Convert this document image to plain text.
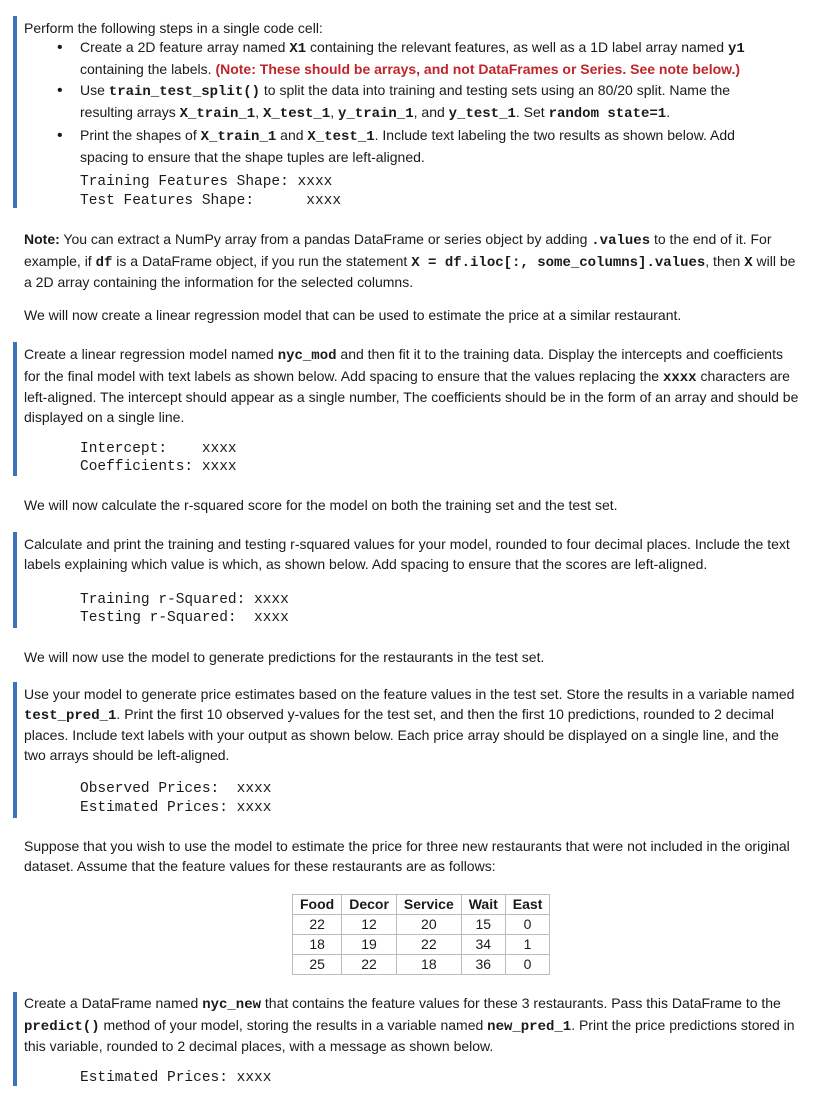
Perform the following steps in a single code cell:

• Create a 2D feature array named X1 containing the relevant features, as well as a 1D label array named y1 containing the labels. (Note: These should be arrays, and not DataFrames or Series. See note below.)
• Use train_test_split() to split the data into training and testing sets using an 80/20 split. Name the resulting arrays X_train_1, X_test_1, y_train_1, and y_test_1. Set random state=1.
• Print the shapes of X_train_1 and X_test_1. Include text labeling the two results as shown below. Add spacing to ensure that the shape tuples are left-aligned.
Training Features Shape: xxxx
Test Features Shape:      xxxx

Note: You can extract a NumPy array from a pandas DataFrame or series object by adding .values to the end of it. For example, if df is a DataFrame object, if you run the statement X = df.iloc[:, some_columns].values, then X will be a 2D array containing the information for the selected columns.

We will now create a linear regression model that can be used to estimate the price at a similar restaurant.

Create a linear regression model named nyc_mod and then fit it to the training data. Display the intercepts and coefficients for the final model with text labels as shown below. Add spacing to ensure that the values replacing the xxxx characters are left-aligned. The intercept should appear as a single number, The coefficients should be in the form of an array and should be displayed on a single line.

Intercept:    xxxx
Coefficients: xxxx

We will now calculate the r-squared score for the model on both the training set and the test set.

Calculate and print the training and testing r-squared values for your model, rounded to four decimal places. Include the text labels explaining which value is which, as shown below. Add spacing to ensure that the scores are left-aligned.

Training r-Squared: xxxx
Testing r-Squared:  xxxx

We will now use the model to generate predictions for the restaurants in the test set.

Use your model to generate price estimates based on the feature values in the test set. Store the results in a variable named test_pred_1. Print the first 10 observed y-values for the test set, and then the first 10 predictions, rounded to 2 decimal places. Include text labels with your output as shown below. Each price array should be displayed on a single line, and the two arrays should be left-aligned.

Observed Prices:  xxxx
Estimated Prices: xxxx

Suppose that you wish to use the model to estimate the price for three new restaurants that were not included in the original dataset. Assume that the feature values for these restaurants are as follows:

Food	Decor	Service	Wait	East
22	12	20	15	0
18	19	22	34	1
25	22	18	36	0

Create a DataFrame named nyc_new that contains the feature values for these 3 restaurants. Pass this DataFrame to the predict() method of your model, storing the results in a variable named new_pred_1. Print the price predictions stored in this variable, rounded to 2 decimal places, with a message as shown below.

Estimated Prices: xxxx
